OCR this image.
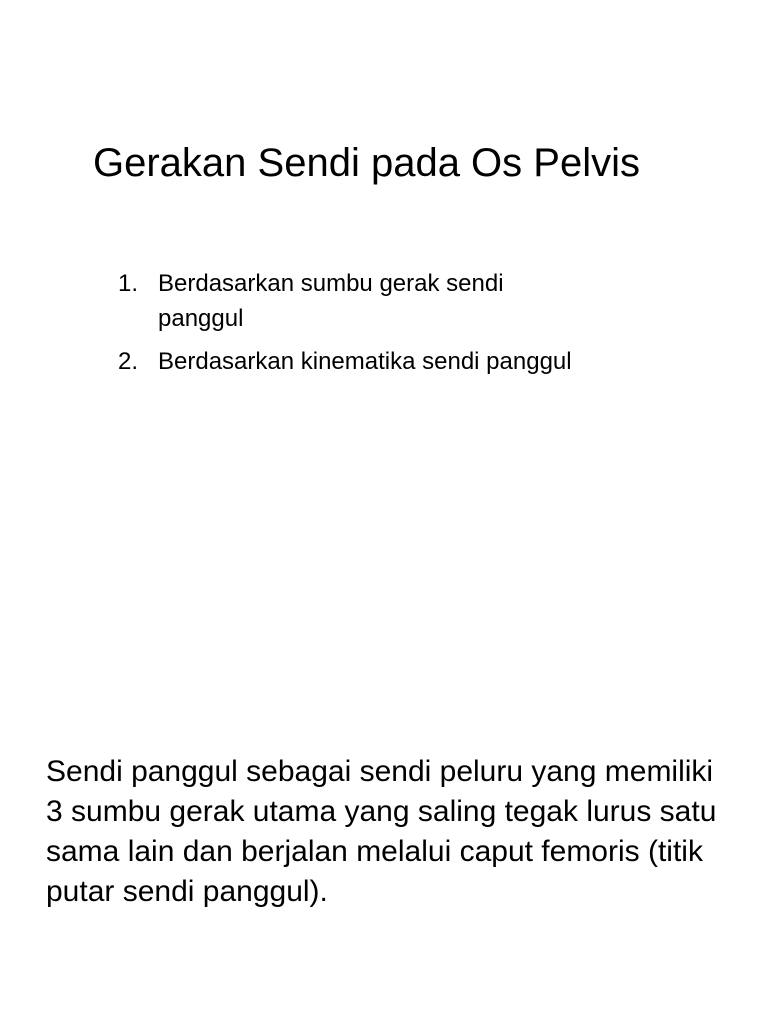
Gerakan Sendi pada Os Pelvis
1. Berdasarkan sumbu gerak sendi panggul
2. Berdasarkan kinematika sendi panggul

Sendi panggul sebagai sendi peluru yang memiliki 3 sumbu gerak utama yang saling tegak lurus satu sama lain dan berjalan melalui caput femoris (titik putar sendi panggul).
